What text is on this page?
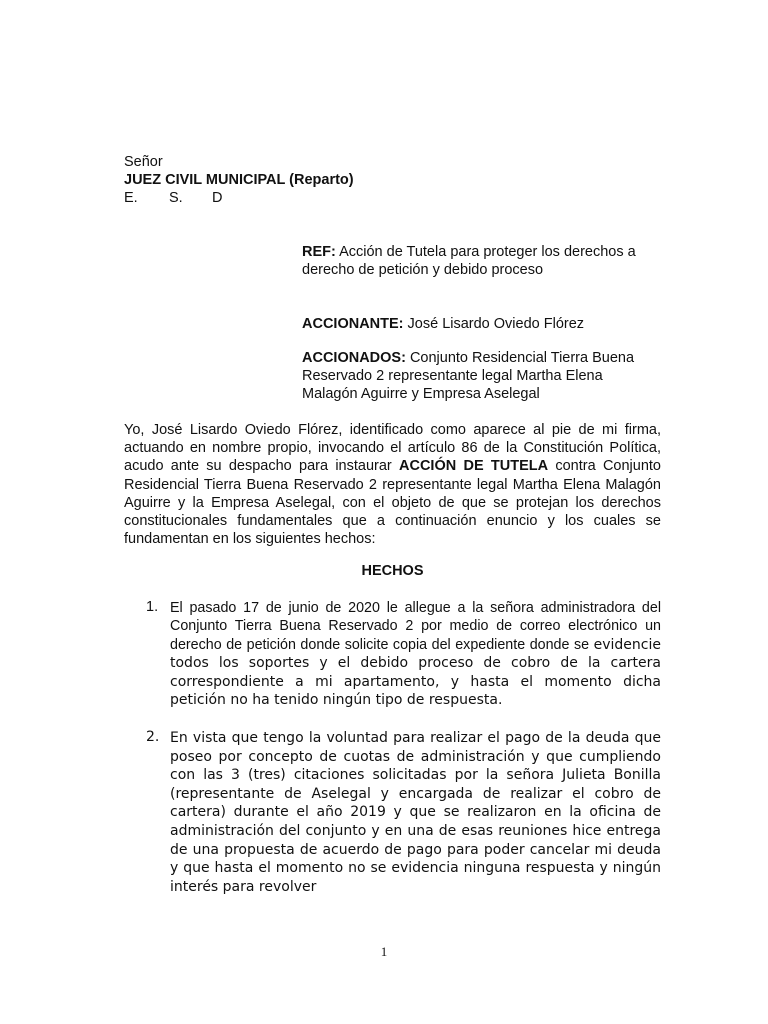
Señor
JUEZ CIVIL MUNICIPAL (Reparto)
E. S. D
REF: Acción de Tutela para proteger los derechos a derecho de petición y debido proceso
ACCIONANTE: José Lisardo Oviedo Flórez
ACCIONADOS: Conjunto Residencial Tierra Buena Reservado 2 representante legal Martha Elena Malagón Aguirre y Empresa Aselegal
Yo, José Lisardo Oviedo Flórez, identificado como aparece al pie de mi firma, actuando en nombre propio, invocando el artículo 86 de la Constitución Política, acudo ante su despacho para instaurar ACCIÓN DE TUTELA contra Conjunto Residencial Tierra Buena Reservado 2 representante legal Martha Elena Malagón Aguirre y la Empresa Aselegal, con el objeto de que se protejan los derechos constitucionales fundamentales que a continuación enuncio y los cuales se fundamentan en los siguientes hechos:
HECHOS
1. El pasado 17 de junio de 2020 le allegue a la señora administradora del Conjunto Tierra Buena Reservado 2 por medio de correo electrónico un derecho de petición donde solicite copia del expediente donde se evidencie todos los soportes y el debido proceso de cobro de la cartera correspondiente a mi apartamento, y hasta el momento dicha petición no ha tenido ningún tipo de respuesta.
2. En vista que tengo la voluntad para realizar el pago de la deuda que poseo por concepto de cuotas de administración y que cumpliendo con las 3 (tres) citaciones solicitadas por la señora Julieta Bonilla (representante de Aselegal y encargada de realizar el cobro de cartera) durante el año 2019 y que se realizaron en la oficina de administración del conjunto y en una de esas reuniones hice entrega de una propuesta de acuerdo de pago para poder cancelar mi deuda y que hasta el momento no se evidencia ninguna respuesta y ningún interés para revolver
1
